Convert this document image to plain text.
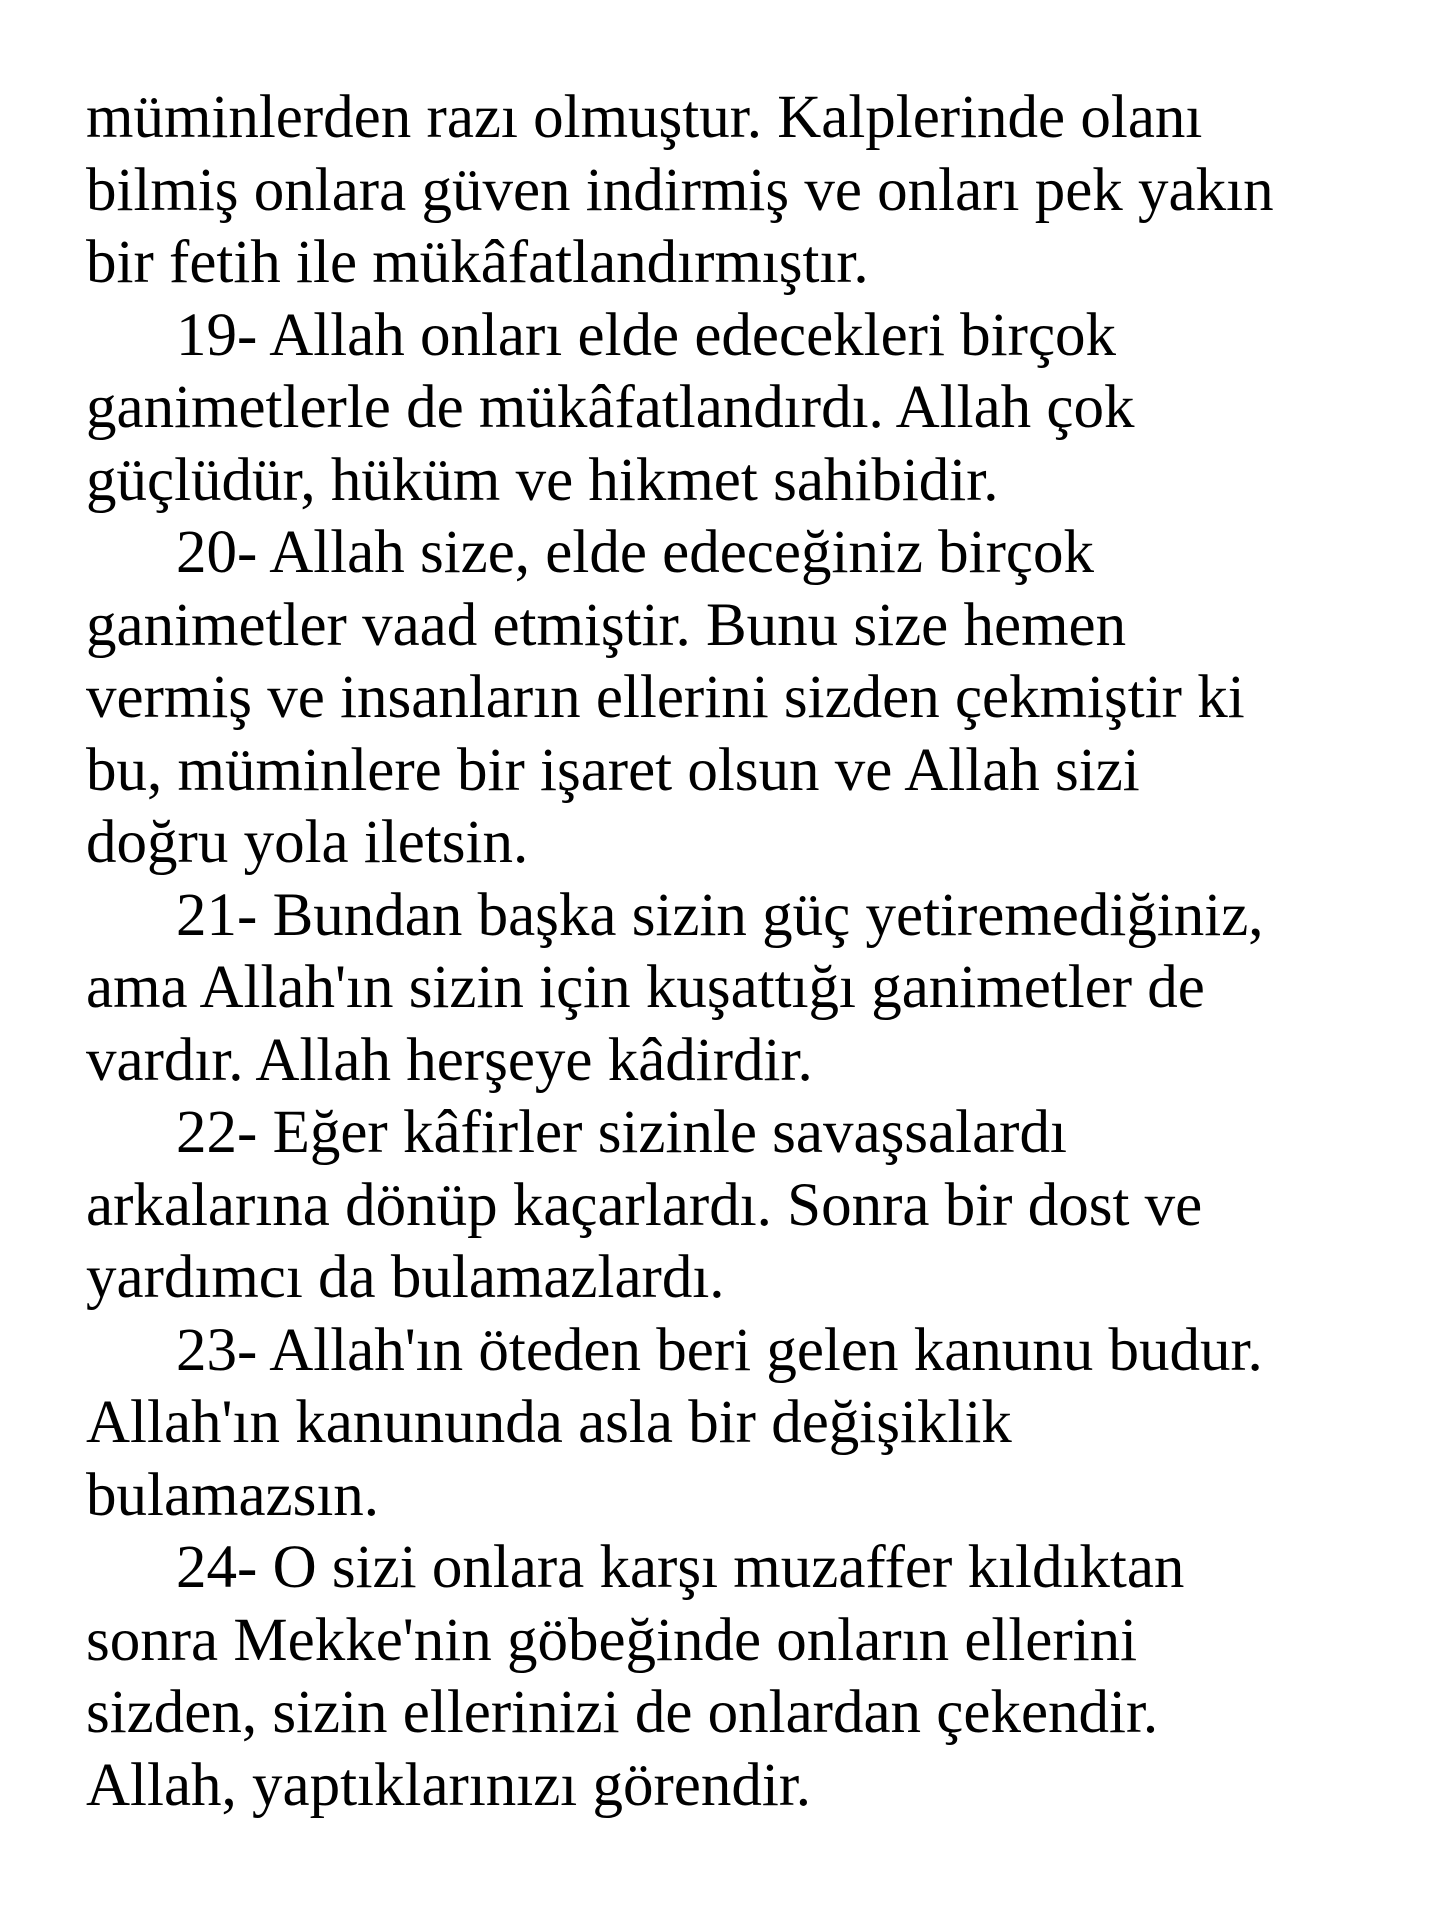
müminlerden razı olmuştur. Kalplerinde olanı
bilmiş onlara güven indirmiş ve onları pek yakın
bir fetih ile mükâfatlandırmıştır.
19- Allah onları elde edecekleri birçok
ganimetlerle de mükâfatlandırdı. Allah çok
güçlüdür, hüküm ve hikmet sahibidir.
20- Allah size, elde edeceğiniz birçok
ganimetler vaad etmiştir. Bunu size hemen
vermiş ve insanların ellerini sizden çekmiştir ki
bu, müminlere bir işaret olsun ve Allah sizi
doğru yola iletsin.
21- Bundan başka sizin güç yetiremediğiniz,
ama Allah'ın sizin için kuşattığı ganimetler de
vardır. Allah herşeye kâdirdir.
22- Eğer kâfirler sizinle savaşsalardı
arkalarına dönüp kaçarlardı. Sonra bir dost ve
yardımcı da bulamazlardı.
23- Allah'ın öteden beri gelen kanunu budur.
Allah'ın kanununda asla bir değişiklik
bulamazsın.
24- O sizi onlara karşı muzaffer kıldıktan
sonra Mekke'nin göbeğinde onların ellerini
sizden, sizin ellerinizi de onlardan çekendir.
Allah, yaptıklarınızı görendir.
